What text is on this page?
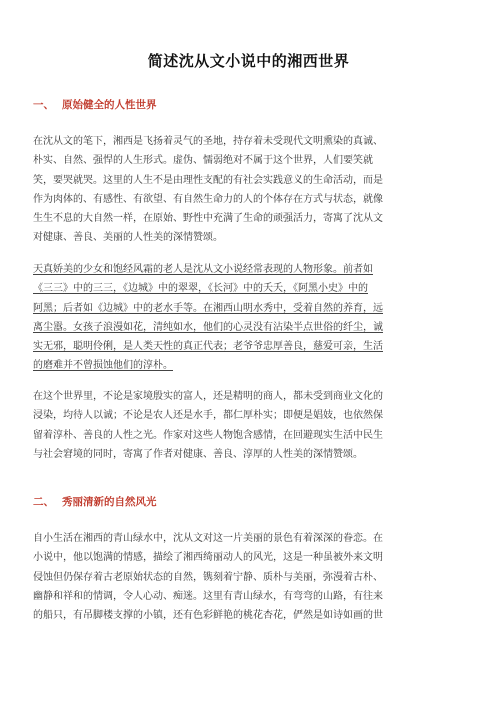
简述沈从文小说中的湘西世界
一、 原始健全的人性世界
在沈从文的笔下，湘西是飞扬着灵气的圣地，持存着未受现代文明熏染的真诚、
朴实、自然、强悍的人生形式。虚伪、懦弱绝对不属于这个世界，人们要笑就
笑，要哭就哭。这里的人生不是由理性支配的有社会实践意义的生命活动，而是
作为肉体的、有感性、有欲望、有自然生命力的人的个体存在方式与状态，就像
生生不息的大自然一样，在原始、野性中充满了生命的顽强活力，寄寓了沈从文
对健康、善良、美丽的人性美的深情赞颂。
天真娇美的少女和饱经风霜的老人是沈从文小说经常表现的人物形象。前者如
《三三》中的三三，《边城》中的翠翠，《长河》中的夭夭，《阿黑小史》中的
阿黑；后者如《边城》中的老水手等。在湘西山明水秀中，受着自然的养育，远
离尘嚣。女孩子浪漫如花，清纯如水，他们的心灵没有沾染半点世俗的纤尘，诚
实无邪，聪明伶俐，是人类天性的真正代表；老爷爷忠厚善良，慈爱可亲，生活
的磨难并不曾损蚀他们的淳朴。
在这个世界里，不论是家境殷实的富人，还是精明的商人，都未受到商业文化的
浸染，均待人以诚；不论是农人还是水手，都仁厚朴实；即便是娼妓，也依然保
留着淳朴、善良的人性之光。作家对这些人物饱含感情，在回避现实生活中民生
与社会窘境的同时，寄寓了作者对健康、善良、淳厚的人性美的深情赞颂。
二、 秀丽清新的自然风光
自小生活在湘西的青山绿水中，沈从文对这一片美丽的景色有着深深的眷恋。在
小说中，他以饱满的情感，描绘了湘西绮丽动人的风光，这是一种虽被外来文明
侵蚀但仍保存着古老原始状态的自然，镌刻着宁静、质朴与美丽，弥漫着古朴、
幽静和祥和的情调，令人心动、痴迷。这里有青山绿水，有弯弯的山路，有往来
的船只，有吊脚楼支撑的小镇，还有色彩鲜艳的桃花杏花，俨然是如诗如画的世
